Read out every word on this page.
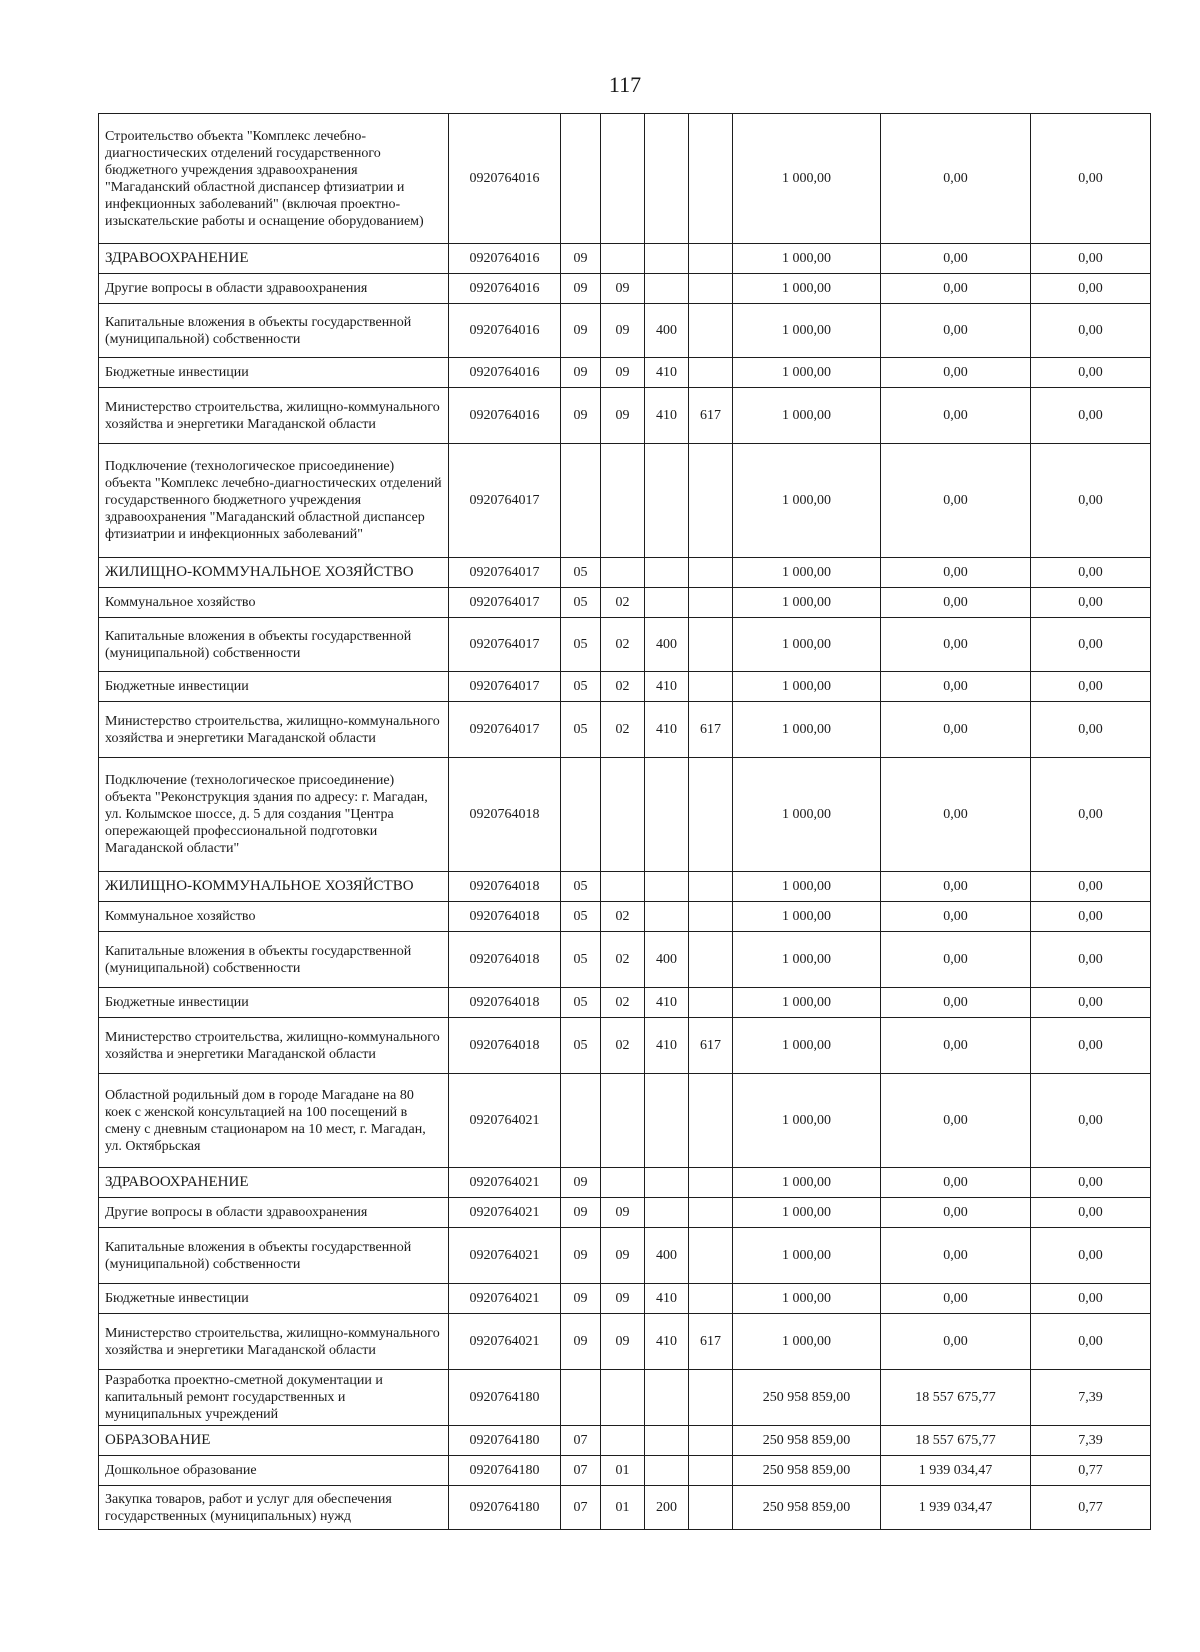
117
Строительство объекта "Комплекс лечебно-диагностических отделений государственного бюджетного учреждения здравоохранения "Магаданский областной диспансер фтизиатрии и инфекционных заболеваний" (включая проектно-изыскательские работы и оснащение оборудованием)	0920764016					1 000,00	0,00	0,00
ЗДРАВООХРАНЕНИЕ	0920764016	09				1 000,00	0,00	0,00
Другие вопросы в области здравоохранения	0920764016	09	09			1 000,00	0,00	0,00
Капитальные вложения в объекты государственной (муниципальной) собственности	0920764016	09	09	400		1 000,00	0,00	0,00
Бюджетные инвестиции	0920764016	09	09	410		1 000,00	0,00	0,00
Министерство строительства, жилищно-коммунального хозяйства и энергетики Магаданской области	0920764016	09	09	410	617	1 000,00	0,00	0,00
Подключение (технологическое присоединение) объекта "Комплекс лечебно-диагностических отделений государственного бюджетного учреждения здравоохранения "Магаданский областной диспансер фтизиатрии и инфекционных заболеваний"	0920764017					1 000,00	0,00	0,00
ЖИЛИЩНО-КОММУНАЛЬНОЕ ХОЗЯЙСТВО	0920764017	05				1 000,00	0,00	0,00
Коммунальное хозяйство	0920764017	05	02			1 000,00	0,00	0,00
Капитальные вложения в объекты государственной (муниципальной) собственности	0920764017	05	02	400		1 000,00	0,00	0,00
Бюджетные инвестиции	0920764017	05	02	410		1 000,00	0,00	0,00
Министерство строительства, жилищно-коммунального хозяйства и энергетики Магаданской области	0920764017	05	02	410	617	1 000,00	0,00	0,00
Подключение (технологическое присоединение) объекта "Реконструкция здания по адресу: г. Магадан, ул. Колымское шоссе, д. 5 для создания "Центра опережающей профессиональной подготовки Магаданской области"	0920764018					1 000,00	0,00	0,00
ЖИЛИЩНО-КОММУНАЛЬНОЕ ХОЗЯЙСТВО	0920764018	05				1 000,00	0,00	0,00
Коммунальное хозяйство	0920764018	05	02			1 000,00	0,00	0,00
Капитальные вложения в объекты государственной (муниципальной) собственности	0920764018	05	02	400		1 000,00	0,00	0,00
Бюджетные инвестиции	0920764018	05	02	410		1 000,00	0,00	0,00
Министерство строительства, жилищно-коммунального хозяйства и энергетики Магаданской области	0920764018	05	02	410	617	1 000,00	0,00	0,00
Областной родильный дом в городе Магадане на 80 коек с женской консультацией на 100 посещений в смену с дневным стационаром на 10 мест, г. Магадан, ул. Октябрьская	0920764021					1 000,00	0,00	0,00
ЗДРАВООХРАНЕНИЕ	0920764021	09				1 000,00	0,00	0,00
Другие вопросы в области здравоохранения	0920764021	09	09			1 000,00	0,00	0,00
Капитальные вложения в объекты государственной (муниципальной) собственности	0920764021	09	09	400		1 000,00	0,00	0,00
Бюджетные инвестиции	0920764021	09	09	410		1 000,00	0,00	0,00
Министерство строительства, жилищно-коммунального хозяйства и энергетики Магаданской области	0920764021	09	09	410	617	1 000,00	0,00	0,00
Разработка проектно-сметной документации и капитальный ремонт государственных и муниципальных учреждений	0920764180					250 958 859,00	18 557 675,77	7,39
ОБРАЗОВАНИЕ	0920764180	07				250 958 859,00	18 557 675,77	7,39
Дошкольное образование	0920764180	07	01			250 958 859,00	1 939 034,47	0,77
Закупка товаров, работ и услуг для обеспечения государственных (муниципальных) нужд	0920764180	07	01	200		250 958 859,00	1 939 034,47	0,77
